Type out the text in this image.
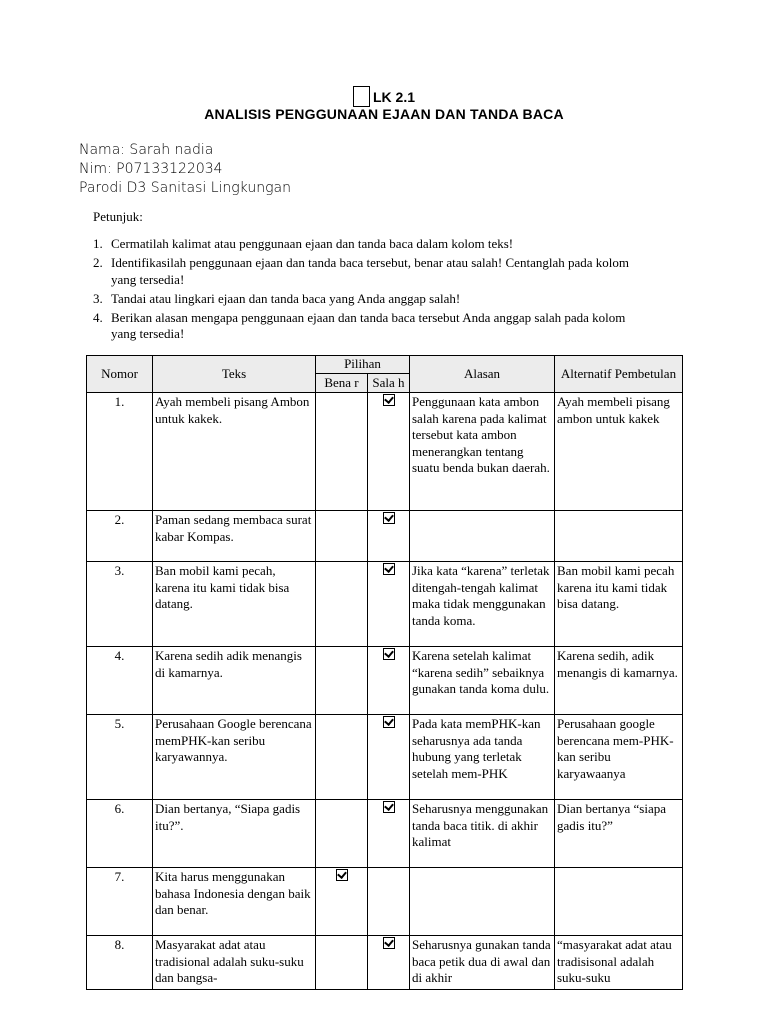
LK 2.1
ANALISIS PENGGUNAAN EJAAN DAN TANDA BACA
Nama: Sarah nadia
Nim: P07133122034
Parodi D3 Sanitasi Lingkungan
Petunjuk:
1. Cermatilah kalimat atau penggunaan ejaan dan tanda baca dalam kolom teks!
2. Identifikasilah penggunaan ejaan dan tanda baca tersebut, benar atau salah! Centanglah pada kolom yang tersedia!
3. Tandai atau lingkari ejaan dan tanda baca yang Anda anggap salah!
4. Berikan alasan mengapa penggunaan ejaan dan tanda baca tersebut Anda anggap salah pada kolom yang tersedia!
Nomor	Teks	Pilihan		Alasan	Alternatif Pembetulan
		Bena r	Sala h		
1.	Ayah membeli pisang Ambon untuk kakek.			Penggunaan kata ambon salah karena pada kalimat tersebut kata ambon menerangkan tentang suatu benda bukan daerah.	Ayah membeli pisang ambon untuk kakek
2.	Paman sedang membaca surat kabar Kompas.				
3.	Ban mobil kami pecah, karena itu kami tidak bisa datang.			Jika kata “karena” terletak ditengah-tengah kalimat maka tidak menggunakan tanda koma.	Ban mobil kami pecah karena itu kami tidak bisa datang.
4.	Karena sedih adik menangis di kamarnya.			Karena setelah kalimat “karena sedih” sebaiknya gunakan tanda koma dulu.	Karena sedih, adik menangis di kamarnya.
5.	Perusahaan Google berencana memPHK-kan seribu karyawannya.			Pada kata memPHK-kan seharusnya ada tanda hubung yang terletak setelah mem-PHK	Perusahaan google berencana mem-PHK-kan seribu karyawaanya
6.	Dian bertanya, “Siapa gadis itu?”.			Seharusnya menggunakan tanda baca titik. di akhir kalimat	Dian bertanya “siapa gadis itu?”
7.	Kita harus menggunakan bahasa Indonesia dengan baik dan benar.				
8.	Masyarakat adat atau tradisional adalah suku-suku dan bangsa-			Seharusnya gunakan tanda baca petik dua di awal dan di akhir	“masyarakat adat atau tradisisonal adalah suku-suku
